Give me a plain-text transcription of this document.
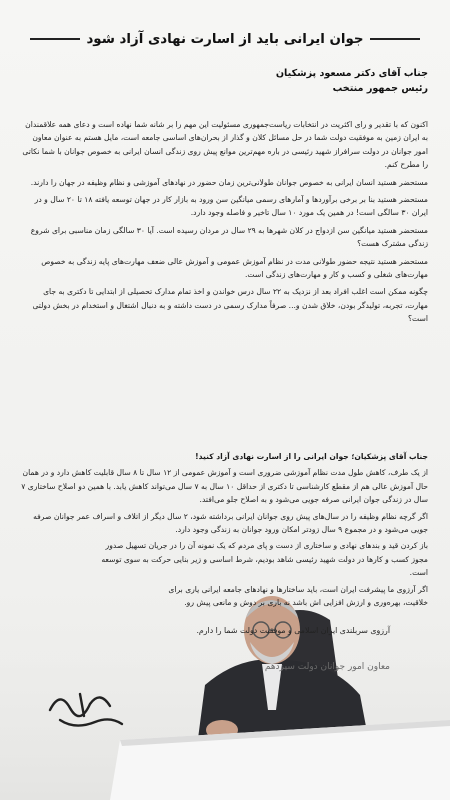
جوان ایرانی باید از اسارت نهادی آزاد شود
جناب آقای دکتر مسعود پزشکیان
رئیس جمهور منتخب

اکنون که با تقدیر و رای اکثریت در انتخابات ریاست‌جمهوری مسئولیت این مهم را بر شانه شما نهاده است و دعای همه علاقمندان به ایران زمین به موفقیت دولت شما در حل مسائل کلان و گذار از بحران‌های اساسی جامعه است، مایل هستم به عنوان معاون امور جوانان در دولت سرافراز شهید رئیسی در باره مهم‌ترین موانع پیش روی زندگی انسان ایرانی به خصوص جوانان با شما نکاتی را مطرح کنم.

مستحضر هستید انسان ایرانی به خصوص جوانان طولانی‌ترین زمان حضور در نهادهای آموزشی و نظام وظیفه در جهان را دارند.

مستحضر هستید بنا بر برخی برآوردها و آمارهای رسمی میانگین سن ورود به بازار کار در جهان توسعه یافته ۱۸ تا ۲۰ سال و در ایران ۳۰ سالگی است! در همین یک مورد ۱۰ سال تاخیر و فاصله وجود دارد.

مستحضر هستید میانگین سن ازدواج در کلان شهرها به ۲۹ سال در مردان رسیده است. آیا ۳۰ سالگی زمان مناسبی برای شروع زندگی مشترک هست؟

مستحضر هستید نتیجه حضور طولانی مدت در نظام آموزش عمومی و آموزش عالی ضعف مهارت‌های پایه زندگی به خصوص مهارت‌های شغلی و کسب و کار و مهارت‌های زندگی است.

چگونه ممکن است اغلب افراد بعد از نزدیک به ۲۲ سال درس خواندن و اخذ تمام مدارک تحصیلی از ابتدایی تا دکتری به جای مهارت، تجربه، تولیدگر بودن، خلاق شدن و... صرفاً مدارک رسمی در دست داشته و به دنبال اشتغال و استخدام در بخش دولتی است؟

جناب آقای پزشکیان؛ جوان ایرانی را از اسارت نهادی آزاد کنید!

از یک طرف، کاهش طول مدت نظام آموزشی ضروری است و آموزش عمومی از ۱۲ سال تا ۸ سال قابلیت کاهش دارد و در همان حال آموزش عالی هم از مقطع کارشناسی تا دکتری از حداقل ۱۰ سال به ۷ سال می‌تواند کاهش یابد. با همین دو اصلاح ساختاری ۷ سال در زندگی جوان ایرانی صرفه جویی می‌شود و به اصلاح جلو می‌افتد.

اگر گرچه نظام وظیفه را در سال‌های پیش روی جوانان ایرانی برداشته شود، ۲ سال دیگر از اتلاف و اسراف عمر جوانان صرفه جویی می‌شود و در مجموع ۹ سال زودتر امکان ورود جوانان به زندگی وجود دارد.

باز کردن قید و بندهای نهادی و ساختاری از دست و پای مردم که یک نمونه آن را در جریان تسهیل صدور مجوز کسب و کارها در دولت شهید رئیسی شاهد بودیم، شرط اساسی و زیر بنایی حرکت به سوی توسعه است.

اگر آرزوی ما پیشرفت ایران است، باید ساختارها و نهادهای جامعه ایرانی یاری برای خلاقیت، بهره‌وری و ارزش افزایی اش باشد نه باری بر دوش و مانعی پیش رو.

آرزوی سربلندی ایران اسلامی و موفقیت دولت شما را دارم.
معاون امور جوانان دولت سیزدهم
